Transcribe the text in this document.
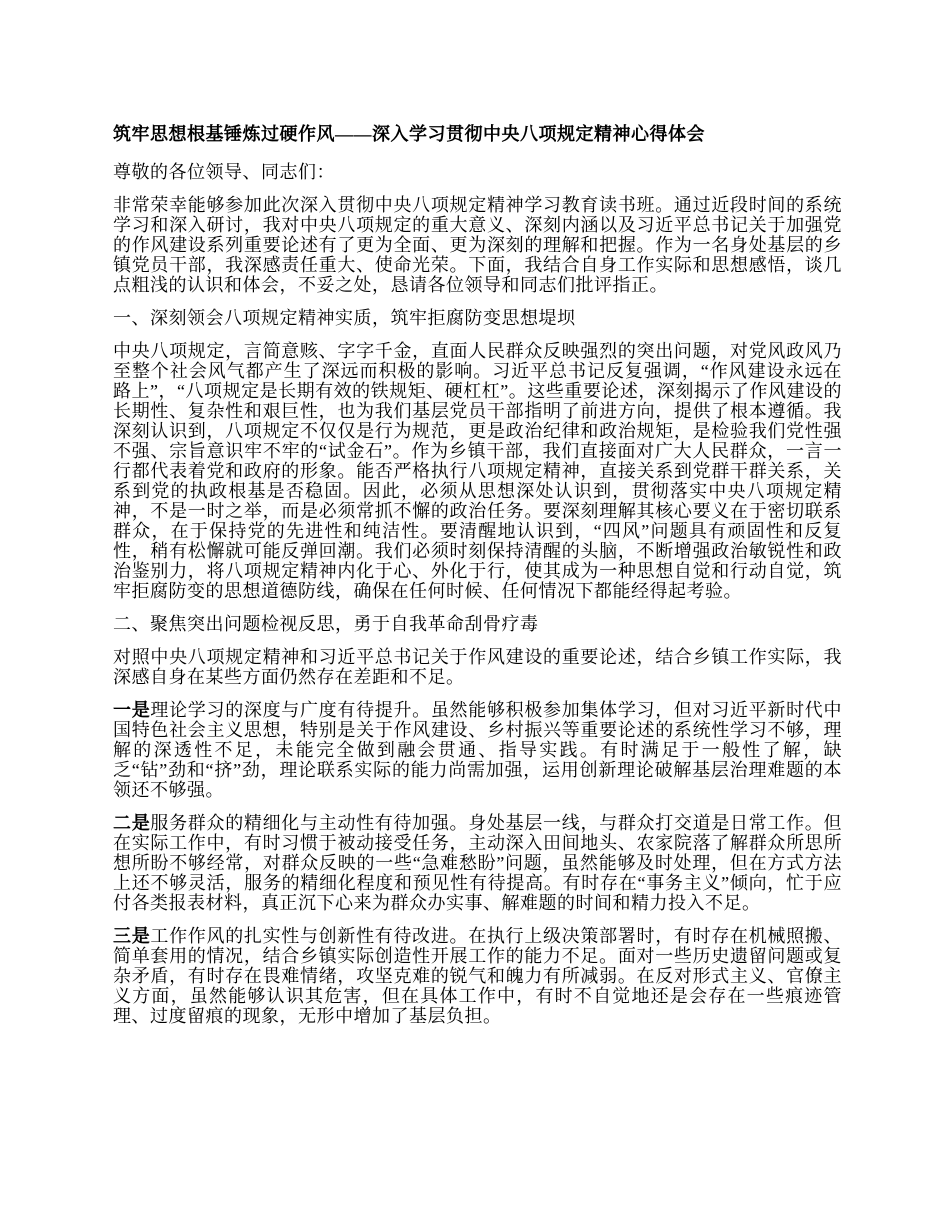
筑牢思想根基锤炼过硬作风——深入学习贯彻中央八项规定精神心得体会

尊敬的各位领导、同志们：

非常荣幸能够参加此次深入贯彻中央八项规定精神学习教育读书班。通过近段时间的系统学习和深入研讨，我对中央八项规定的重大意义、深刻内涵以及习近平总书记关于加强党的作风建设系列重要论述有了更为全面、更为深刻的理解和把握。作为一名身处基层的乡镇党员干部，我深感责任重大、使命光荣。下面，我结合自身工作实际和思想感悟，谈几点粗浅的认识和体会，不妥之处，恳请各位领导和同志们批评指正。

一、深刻领会八项规定精神实质，筑牢拒腐防变思想堤坝

中央八项规定，言简意赅、字字千金，直面人民群众反映强烈的突出问题，对党风政风乃至整个社会风气都产生了深远而积极的影响。习近平总书记反复强调，“作风建设永远在路上”，“八项规定是长期有效的铁规矩、硬杠杠”。这些重要论述，深刻揭示了作风建设的长期性、复杂性和艰巨性，也为我们基层党员干部指明了前进方向，提供了根本遵循。我深刻认识到，八项规定不仅仅是行为规范，更是政治纪律和政治规矩，是检验我们党性强不强、宗旨意识牢不牢的“试金石”。作为乡镇干部，我们直接面对广大人民群众，一言一行都代表着党和政府的形象。能否严格执行八项规定精神，直接关系到党群干群关系，关系到党的执政根基是否稳固。因此，必须从思想深处认识到，贯彻落实中央八项规定精神，不是一时之举，而是必须常抓不懈的政治任务。要深刻理解其核心要义在于密切联系群众，在于保持党的先进性和纯洁性。要清醒地认识到，“四风”问题具有顽固性和反复性，稍有松懈就可能反弹回潮。我们必须时刻保持清醒的头脑，不断增强政治敏锐性和政治鉴别力，将八项规定精神内化于心、外化于行，使其成为一种思想自觉和行动自觉，筑牢拒腐防变的思想道德防线，确保在任何时候、任何情况下都能经得起考验。

二、聚焦突出问题检视反思，勇于自我革命刮骨疗毒

对照中央八项规定精神和习近平总书记关于作风建设的重要论述，结合乡镇工作实际，我深感自身在某些方面仍然存在差距和不足。

一是理论学习的深度与广度有待提升。虽然能够积极参加集体学习，但对习近平新时代中国特色社会主义思想，特别是关于作风建设、乡村振兴等重要论述的系统性学习不够，理解的深透性不足，未能完全做到融会贯通、指导实践。有时满足于一般性了解，缺乏“钻”劲和“挤”劲，理论联系实际的能力尚需加强，运用创新理论破解基层治理难题的本领还不够强。

二是服务群众的精细化与主动性有待加强。身处基层一线，与群众打交道是日常工作。但在实际工作中，有时习惯于被动接受任务，主动深入田间地头、农家院落了解群众所思所想所盼不够经常，对群众反映的一些“急难愁盼”问题，虽然能够及时处理，但在方式方法上还不够灵活，服务的精细化程度和预见性有待提高。有时存在“事务主义”倾向，忙于应付各类报表材料，真正沉下心来为群众办实事、解难题的时间和精力投入不足。

三是工作作风的扎实性与创新性有待改进。在执行上级决策部署时，有时存在机械照搬、简单套用的情况，结合乡镇实际创造性开展工作的能力不足。面对一些历史遗留问题或复杂矛盾，有时存在畏难情绪，攻坚克难的锐气和魄力有所减弱。在反对形式主义、官僚主义方面，虽然能够认识其危害，但在具体工作中，有时不自觉地还是会存在一些痕迹管理、过度留痕的现象，无形中增加了基层负担。
